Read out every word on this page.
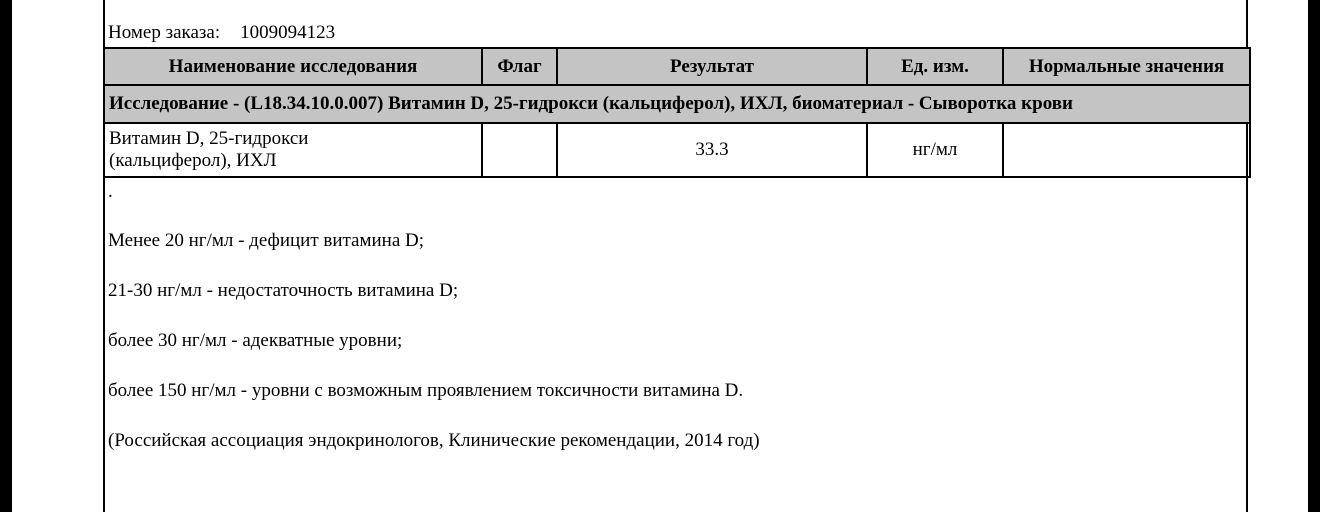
Номер заказа: 1009094123
Наименование исследования	Флаг	Результат	Ед. изм.	Нормальные значения
Исследование - (L18.34.10.0.007) Витамин D, 25-гидрокси (кальциферол), ИХЛ, биоматериал - Сыворотка крови				

Витамин D, 25-гидрокси
(кальциферол), ИХЛ		33.3	нг/мл	
.
Менее 20 нг/мл - дефицит витамина D;
21-30 нг/мл - недостаточность витамина D;
более 30 нг/мл - адекватные уровни;
более 150 нг/мл - уровни с возможным проявлением токсичности витамина D.
(Российская ассоциация эндокринологов, Клинические рекомендации, 2014 год)
